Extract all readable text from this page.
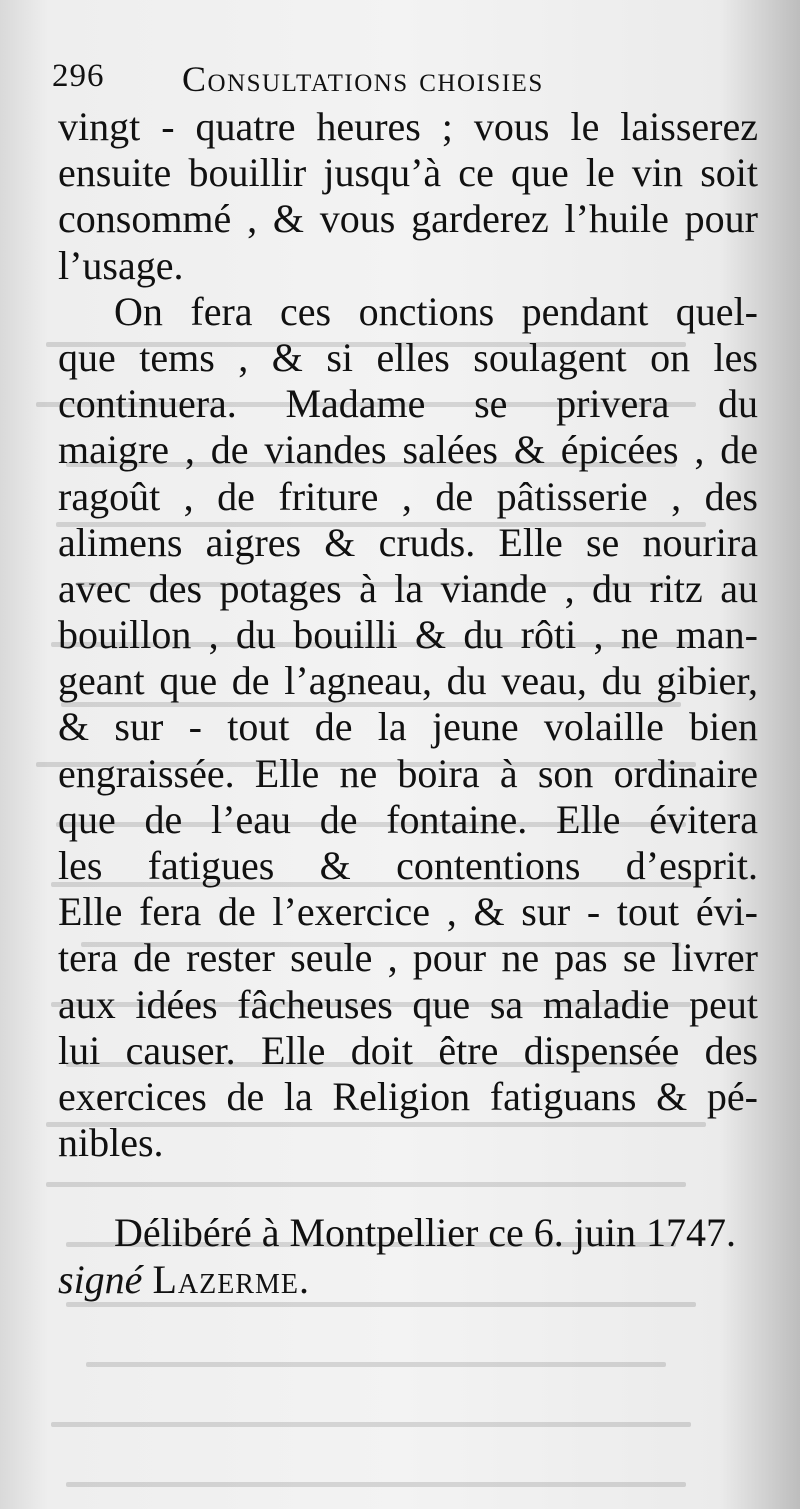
296 Consultations choisies
vingt - quatre heures ; vous le laisserez
ensuite bouillir jusqu’à ce que le vin soit
consommé , & vous garderez l’huile pour
l’usage.
On fera ces onctions pendant quel-
que tems , & si elles soulagent on les
continuera. Madame se privera du
maigre , de viandes salées & épicées , de
ragoût , de friture , de pâtisserie , des
alimens aigres & cruds. Elle se nourira
avec des potages à la viande , du ritz au
bouillon , du bouilli & du rôti , ne man-
geant que de l’agneau, du veau, du gibier,
& sur - tout de la jeune volaille bien
engraissée. Elle ne boira à son ordinaire
que de l’eau de fontaine. Elle évitera
les fatigues & contentions d’esprit.
Elle fera de l’exercice , & sur - tout évi-
tera de rester seule , pour ne pas se livrer
aux idées fâcheuses que sa maladie peut
lui causer. Elle doit être dispensée des
exercices de la Religion fatiguans & pé-
nibles.
Délibéré à Montpellier ce 6. juin 1747.
signé Lazerme.
